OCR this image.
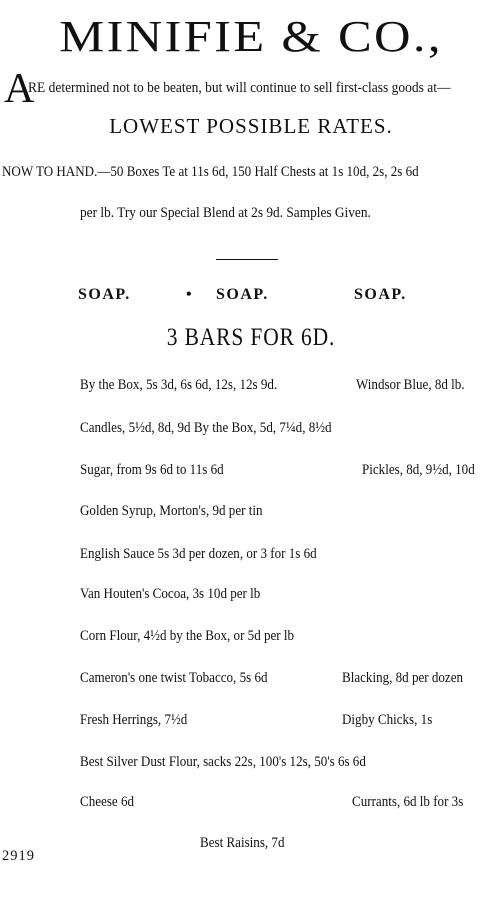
MINIFIE & CO.,
A
RE determined not to be beaten, but will continue to sell first-class goods at—
LOWEST POSSIBLE RATES.
NOW TO HAND.—50 Boxes Te at 11s 6d, 150 Half Chests at 1s 10d, 2s, 2s 6d
per lb. Try our Special Blend at 2s 9d. Samples Given.
SOAP.	• SOAP.	SOAP.
3 BARS FOR 6D.
By the Box, 5s 3d, 6s 6d, 12s, 12s 9d.	Windsor Blue, 8d lb.
Candles, 5½d, 8d, 9d By the Box, 5d, 7¼d, 8½d
Sugar, from 9s 6d to 11s 6d	Pickles, 8d, 9½d, 10d
Golden Syrup, Morton's, 9d per tin
English Sauce 5s 3d per dozen, or 3 for 1s 6d
Van Houten's Cocoa, 3s 10d per lb
Corn Flour, 4½d by the Box, or 5d per lb
Cameron's one twist Tobacco, 5s 6d	Blacking, 8d per dozen
Fresh Herrings, 7½d	Digby Chicks, 1s
Best Silver Dust Flour, sacks 22s, 100's 12s, 50's 6s 6d
Cheese 6d	Currants, 6d lb for 3s
Best Raisins, 7d
2919
